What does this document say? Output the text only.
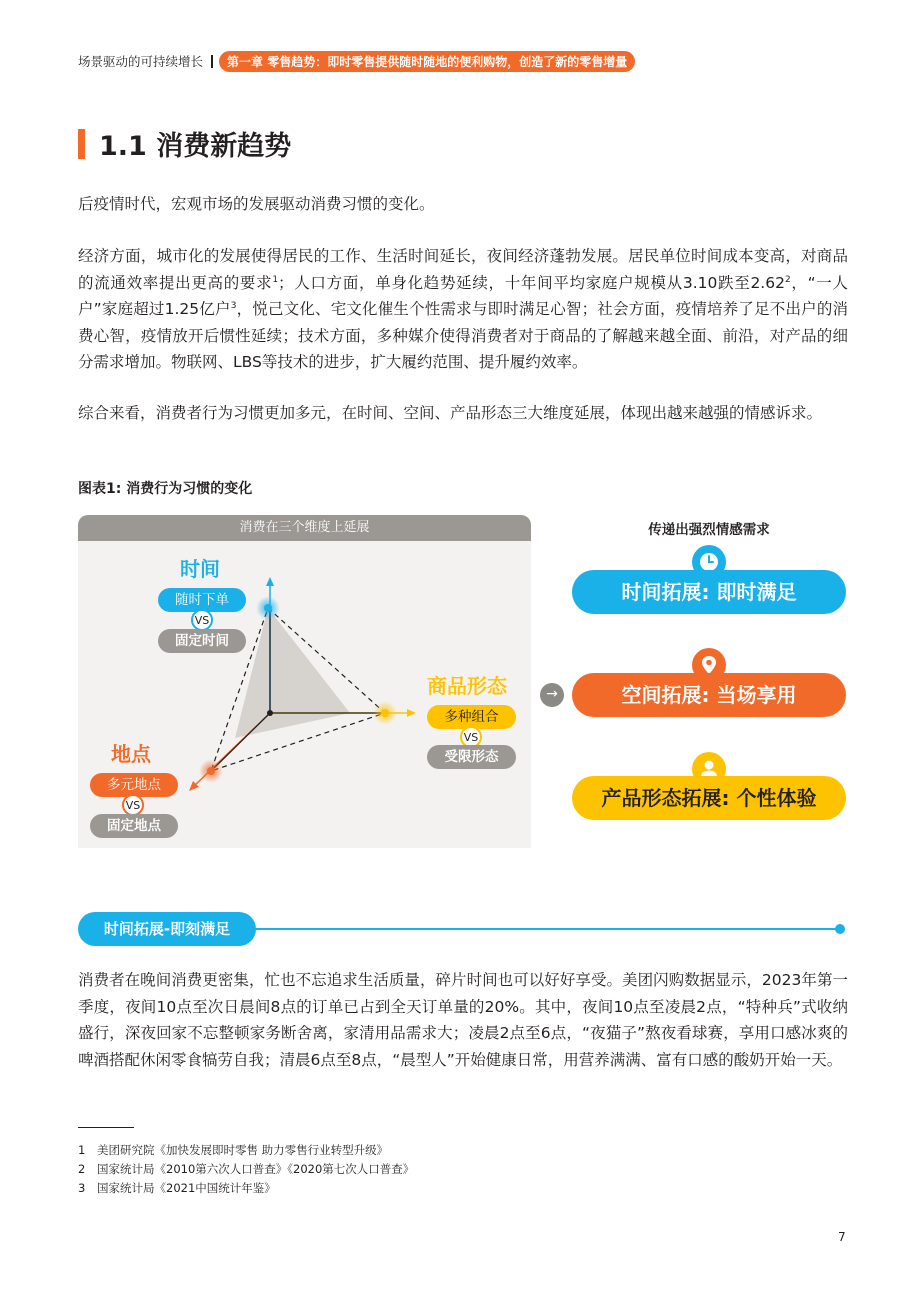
场景驱动的可持续增长	第一章 零售趋势：即时零售提供随时随地的便利购物，创造了新的零售增量
1.1 消费新趋势

后疫情时代，宏观市场的发展驱动消费习惯的变化。

经济方面，城市化的发展使得居民的工作、生活时间延长，夜间经济蓬勃发展。居民单位时间成本变高，对商品的流通效率提出更高的要求$^1$；人口方面，单身化趋势延续，十年间平均家庭户规模从3.10跌至2.62$^2$，“一人户”家庭超过1.25亿户$^3$，悦己文化、宅文化催生个性需求与即时满足心智；社会方面，疫情培养了足不出户的消费心智，疫情放开后惯性延续；技术方面，多种媒介使得消费者对于商品的了解越来越全面、前沿，对产品的细分需求增加。物联网、LBS等技术的进步，扩大履约范围、提升履约效率。

综合来看，消费者行为习惯更加多元，在时间、空间、产品形态三大维度延展，体现出越来越强的情感诉求。

图表1: 消费行为习惯的变化
消费在三个维度上延展
时间
随时下单
VS
固定时间
商品形态
多种组合
VS
受限形态
地点
多元地点
VS
固定地点
→
传递出强烈情感需求
时间拓展: 即时满足
空间拓展: 当场享用
产品形态拓展: 个性体验
时间拓展-即刻满足

消费者在晚间消费更密集，忙也不忘追求生活质量，碎片时间也可以好好享受。美团闪购数据显示，2023年第一季度，夜间10点至次日晨间8点的订单已占到全天订单量的20%。其中，夜间10点至凌晨2点，“特种兵”式收纳盛行，深夜回家不忘整顿家务断舍离，家清用品需求大；凌晨2点至6点，“夜猫子”熬夜看球赛，享用口感冰爽的啤酒搭配休闲零食犒劳自我；清晨6点至8点，“晨型人”开始健康日常，用营养满满、富有口感的酸奶开始一天。

1 美团研究院《加快发展即时零售 助力零售行业转型升级》
2 国家统计局《2010第六次人口普查》《2020第七次人口普查》
3 国家统计局《2021中国统计年鉴》
7
